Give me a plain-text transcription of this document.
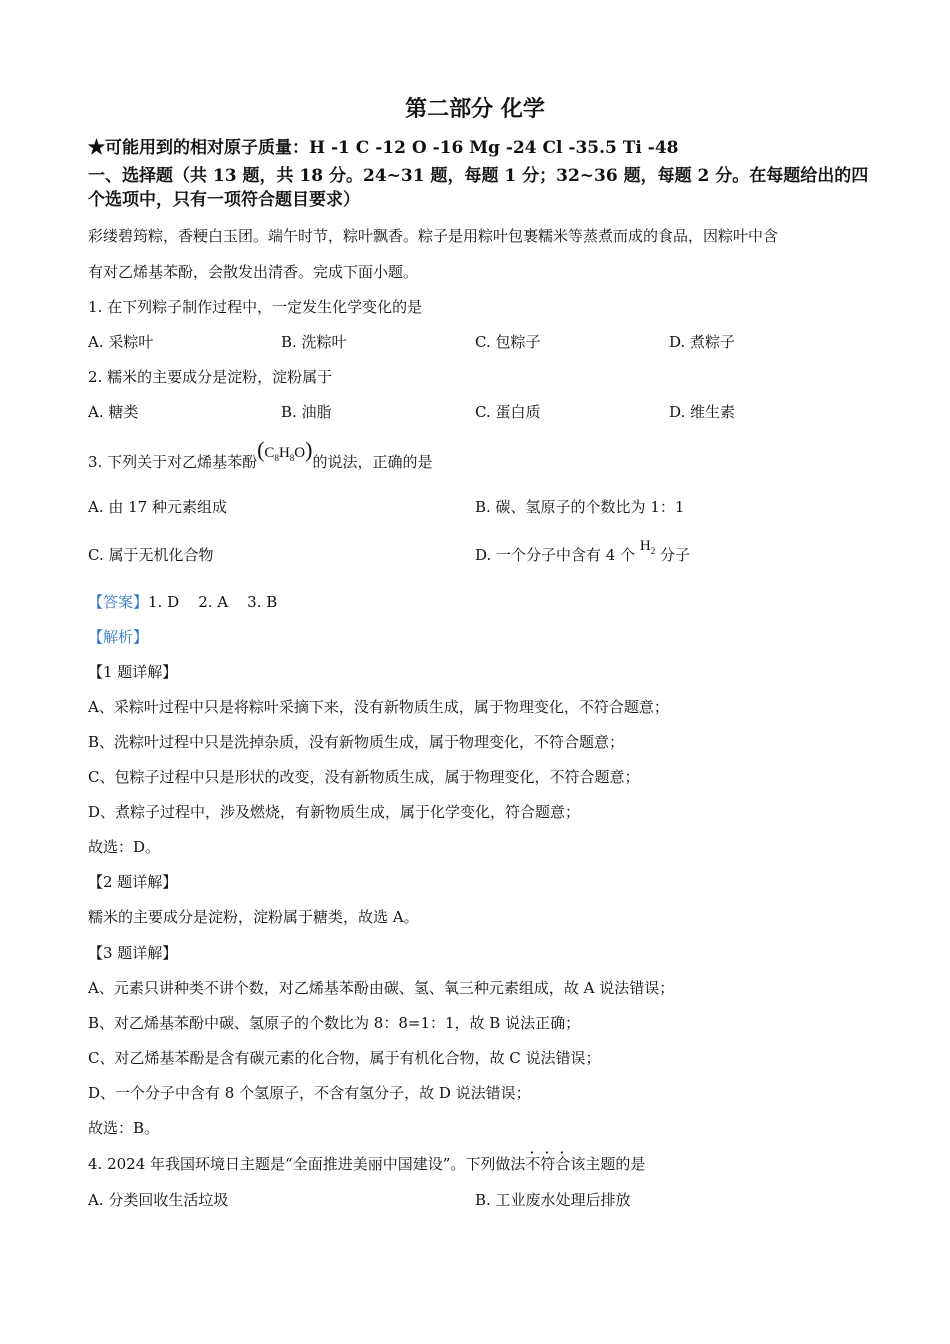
第二部分 化学
★可能用到的相对原子质量：H -1 C -12 O -16 Mg -24 Cl -35.5 Ti -48
一、选择题（共 13 题，共 18 分。24~31 题，每题 1 分；32~36 题，每题 2 分。在每题给出的四个选项中，只有一项符合题目要求）
彩缕碧筠粽，香粳白玉团。端午时节，粽叶飘香。粽子是用粽叶包裹糯米等蒸煮而成的食品，因粽叶中含
有对乙烯基苯酚，会散发出清香。完成下面小题。
1. 在下列粽子制作过程中，一定发生化学变化的是
A. 采粽叶	B. 洗粽叶	C. 包粽子	D. 煮粽子
2. 糯米的主要成分是淀粉，淀粉属于
A. 糖类	B. 油脂	C. 蛋白质	D. 维生素
3. 下列关于对乙烯基苯酚$(C_8H_8O)$的说法，正确的是
A. 由 17 种元素组成	B. 碳、氢原子的个数比为 1：1
C. 属于无机化合物	D. 一个分子中含有 4 个 $H_2$ 分子
【答案】1. D    2. A    3. B
【解析】
【1 题详解】
A、采粽叶过程中只是将粽叶采摘下来，没有新物质生成，属于物理变化，不符合题意；
B、洗粽叶过程中只是洗掉杂质，没有新物质生成，属于物理变化，不符合题意；
C、包粽子过程中只是形状的改变，没有新物质生成，属于物理变化，不符合题意；
D、煮粽子过程中，涉及燃烧，有新物质生成，属于化学变化，符合题意；
故选：D。
【2 题详解】
糯米的主要成分是淀粉，淀粉属于糖类，故选 A。
【3 题详解】
A、元素只讲种类不讲个数，对乙烯基苯酚由碳、氢、氧三种元素组成，故 A 说法错误；
B、对乙烯基苯酚中碳、氢原子的个数比为 8：8=1：1，故 B 说法正确；
C、对乙烯基苯酚是含有碳元素的化合物，属于有机化合物，故 C 说法错误；
D、一个分子中含有 8 个氢原子，不含有氢分子，故 D 说法错误；
故选：B。
4. 2024 年我国环境日主题是“全面推进美丽中国建设”。下列做法不符合该主题的是
A. 分类回收生活垃圾	B. 工业废水处理后排放
